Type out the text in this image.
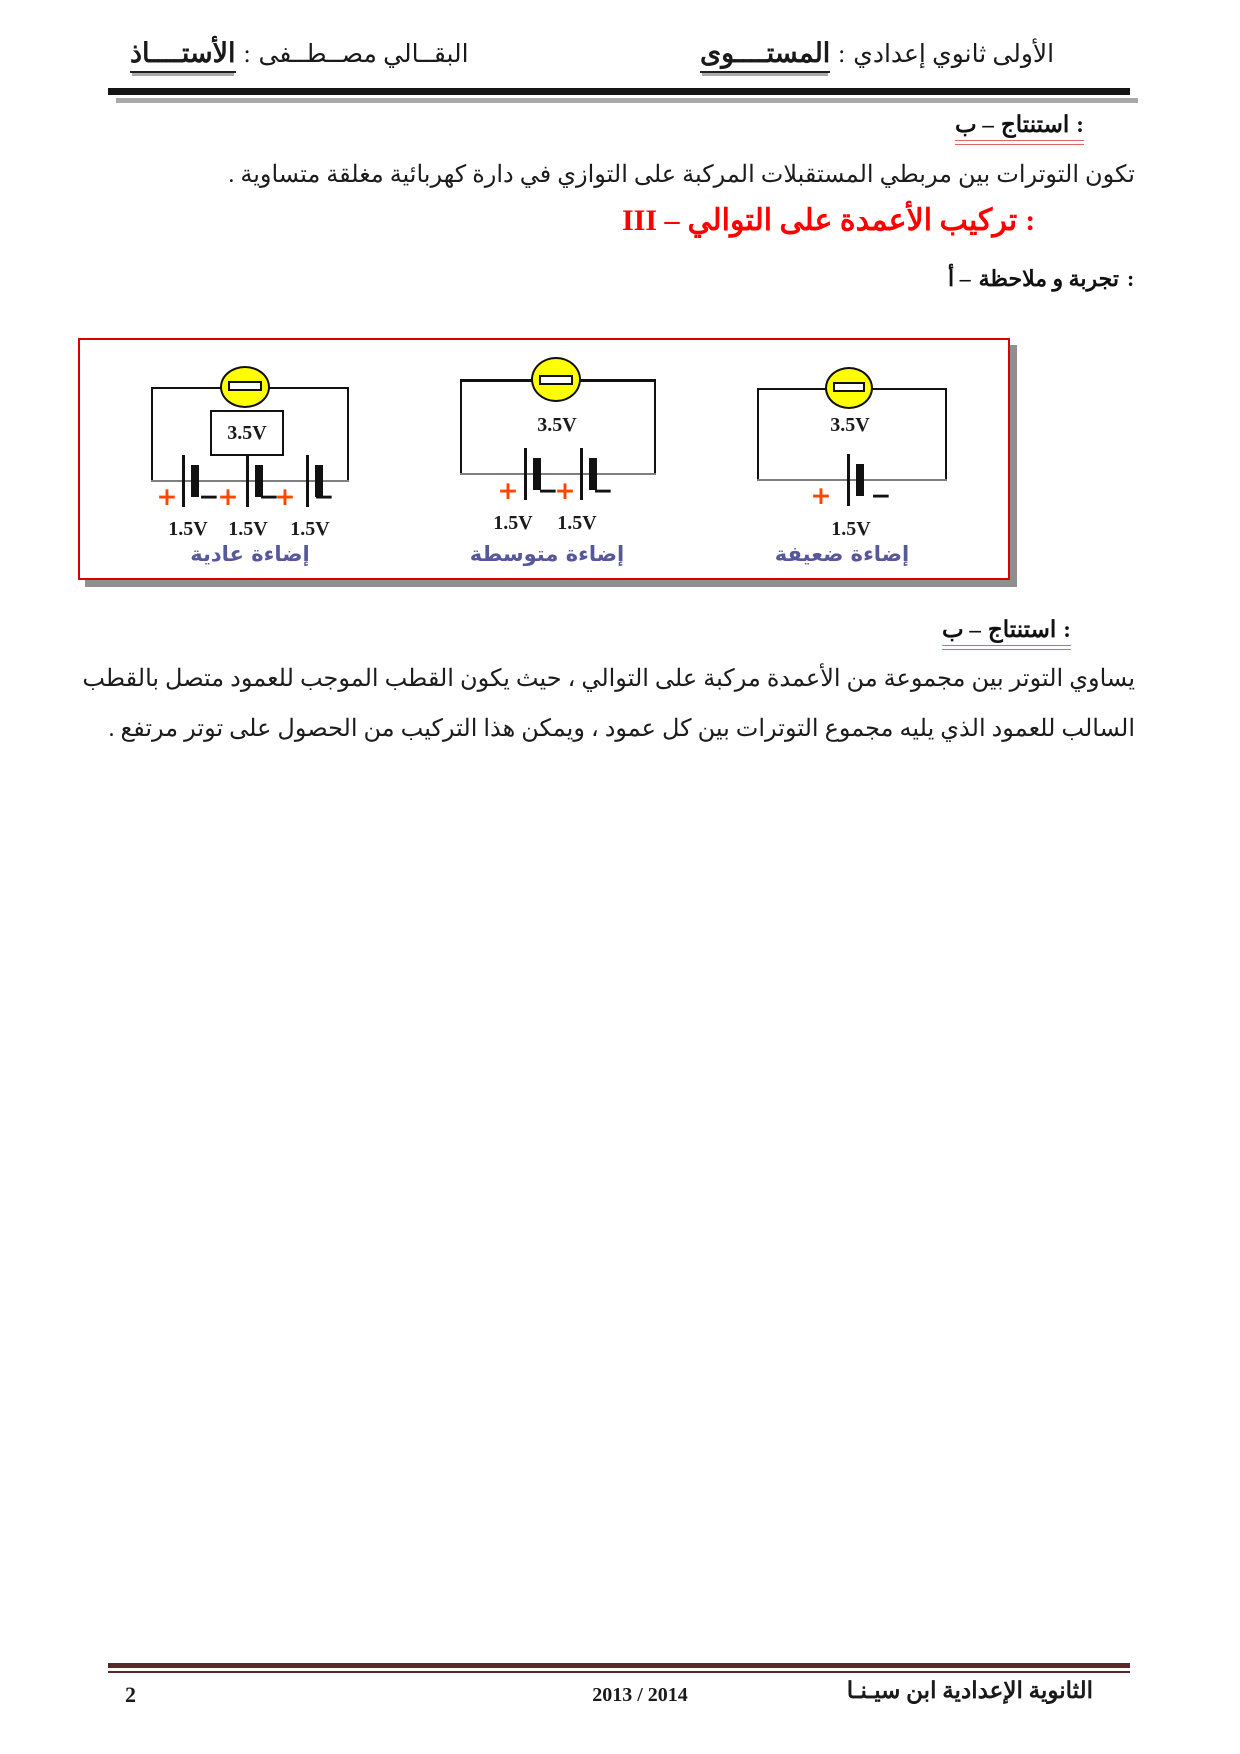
المستــــوى : الأولى ثانوي إعدادي
الأستــــاذ : البقــالي مصــطــفى
ب – استنتاج :
تكون التوترات بين مربطي المستقبلات المركبة على التوازي في دارة كهربائية مغلقة متساوية .
III – تركيب الأعمدة على التوالي :
أ – تجربة و ملاحظة :
3.5V
+ −
+ −
+ −
1.5V	1.5V	1.5V
إضاءة عادية
3.5V
+ −
+ −
1.5V	1.5V
إضاءة متوسطة
3.5V
+ −
1.5V
إضاءة ضعيفة
ب – استنتاج :
يساوي التوتر بين مجموعة من الأعمدة مركبة على التوالي ، حيث يكون القطب الموجب للعمود متصل بالقطب
السالب للعمود الذي يليه مجموع التوترات بين كل عمود ، ويمكن هذا التركيب من الحصول على توتر مرتفع .
2	2013 / 2014	الثانوية الإعدادية ابن سيـنـا
